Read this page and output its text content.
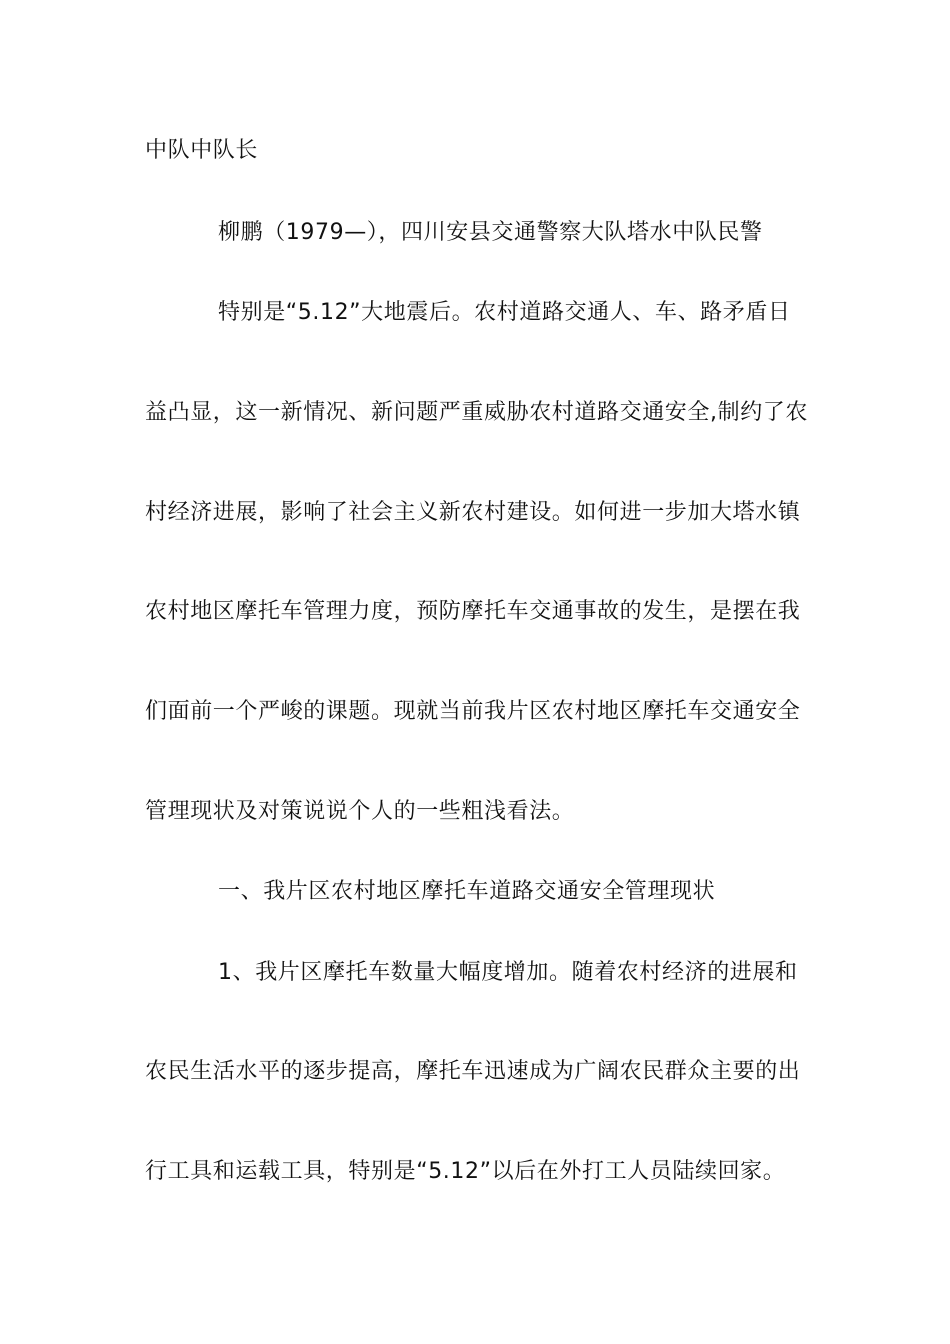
中队中队长
柳鹏（1979—），四川安县交通警察大队塔水中队民警
特别是“5.12”大地震后。农村道路交通人、车、路矛盾日
益凸显，这一新情况、新问题严重威胁农村道路交通安全,制约了农
村经济进展，影响了社会主义新农村建设。如何进一步加大塔水镇
农村地区摩托车管理力度，预防摩托车交通事故的发生，是摆在我
们面前一个严峻的课题。现就当前我片区农村地区摩托车交通安全
管理现状及对策说说个人的一些粗浅看法。
一、我片区农村地区摩托车道路交通安全管理现状
1、我片区摩托车数量大幅度增加。随着农村经济的进展和
农民生活水平的逐步提高，摩托车迅速成为广阔农民群众主要的出
行工具和运载工具，特别是“5.12”以后在外打工人员陆续回家。
